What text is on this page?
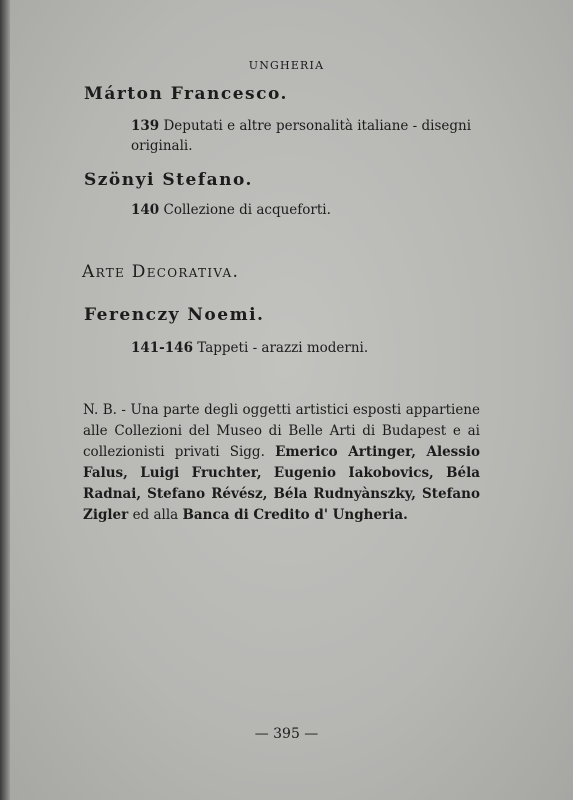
UNGHERIA
Márton Francesco.
139 Deputati e altre personalità italiane - disegni originali.
Szönyi Stefano.
140 Collezione di acqueforti.
Arte Decorativa.
Ferenczy Noemi.
141-146 Tappeti - arazzi moderni.
N. B. - Una parte degli oggetti artistici esposti appartiene alle Collezioni del Museo di Belle Arti di Budapest e ai collezionisti privati Sigg. Emerico Artinger, Alessio Falus, Luigi Fruchter, Eugenio Iakobovics, Béla Radnai, Stefano Révész, Béla Rudnyànszky, Stefano Zigler ed alla Banca di Credito d' Ungheria.
— 395 —
